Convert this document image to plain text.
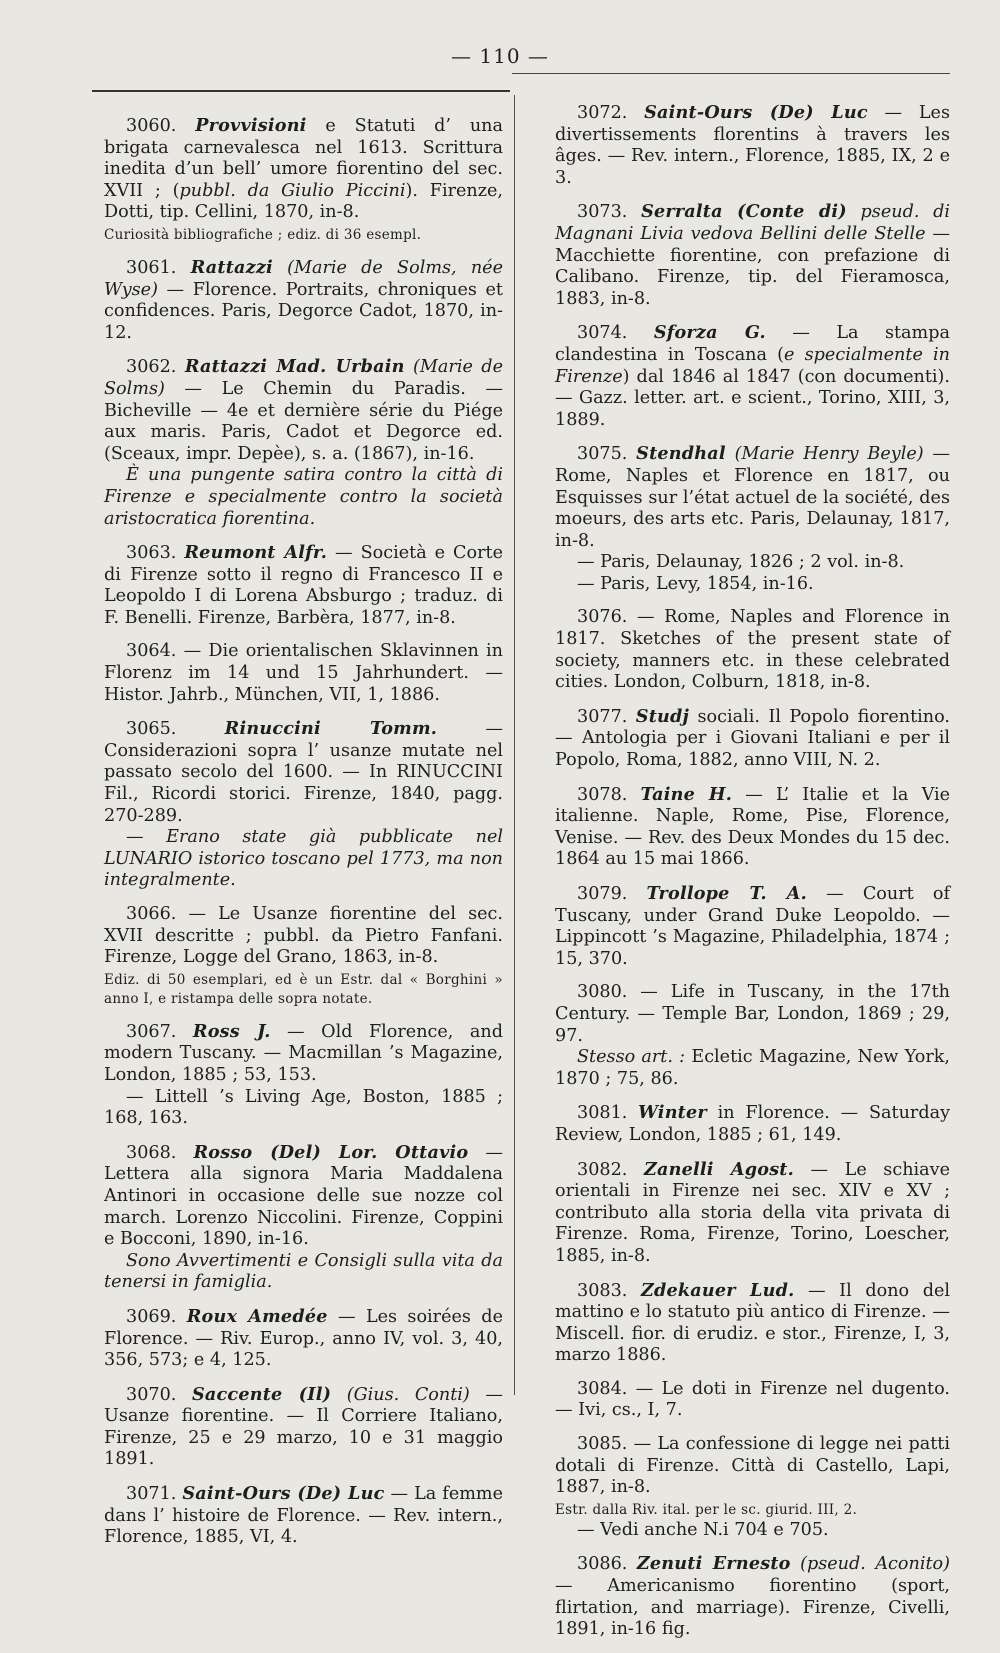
— 110 —
3060. Provvisioni e Statuti d’ una brigata carnevalesca nel 1613. Scrittura inedita d’un bell’ umore fiorentino del sec. XVII ; (pubbl. da Giulio Piccini). Firenze, Dotti, tip. Cellini, 1870, in-8.
Curiosità bibliografiche ; ediz. di 36 esempl.
3061. Rattazzi (Marie de Solms, née Wyse) — Florence. Portraits, chroniques et confidences. Paris, Degorce Cadot, 1870, in-12.
3062. Rattazzi Mad. Urbain (Marie de Solms) — Le Chemin du Paradis. — Bicheville — 4e et dernière série du Piége aux maris. Paris, Cadot et Degorce ed. (Sceaux, impr. Depèe), s. a. (1867), in-16.
È una pungente satira contro la città di Firenze e specialmente contro la società aristocratica fiorentina.
3063. Reumont Alfr. — Società e Corte di Firenze sotto il regno di Francesco II e Leopoldo I di Lorena Absburgo ; traduz. di F. Benelli. Firenze, Barbèra, 1877, in-8.
3064. — Die orientalischen Sklavinnen in Florenz im 14 und 15 Jahrhundert. — Histor. Jahrb., München, VII, 1, 1886.
3065. Rinuccini Tomm. — Considerazioni sopra l’ usanze mutate nel passato secolo del 1600. — In RINUCCINI Fil., Ricordi storici. Firenze, 1840, pagg. 270-289.
— Erano state già pubblicate nel LUNARIO istorico toscano pel 1773, ma non integralmente.
3066. — Le Usanze fiorentine del sec. XVII descritte ; pubbl. da Pietro Fanfani. Firenze, Logge del Grano, 1863, in-8.
Ediz. di 50 esemplari, ed è un Estr. dal « Borghini » anno I, e ristampa delle sopra notate.
3067. Ross J. — Old Florence, and modern Tuscany. — Macmillan ’s Magazine, London, 1885 ; 53, 153.
— Littell ’s Living Age, Boston, 1885 ; 168, 163.
3068. Rosso (Del) Lor. Ottavio — Lettera alla signora Maria Maddalena Antinori in occasione delle sue nozze col march. Lorenzo Niccolini. Firenze, Coppini e Bocconi, 1890, in-16.
Sono Avvertimenti e Consigli sulla vita da tenersi in famiglia.
3069. Roux Amedée — Les soirées de Florence. — Riv. Europ., anno IV, vol. 3, 40, 356, 573; e 4, 125.
3070. Saccente (Il) (Gius. Conti) — Usanze fiorentine. — Il Corriere Italiano, Firenze, 25 e 29 marzo, 10 e 31 maggio 1891.
3071. Saint-Ours (De) Luc — La femme dans l’ histoire de Florence. — Rev. intern., Florence, 1885, VI, 4.
3072. Saint-Ours (De) Luc — Les divertissements florentins à travers les âges. — Rev. intern., Florence, 1885, IX, 2 e 3.
3073. Serralta (Conte di) pseud. di Magnani Livia vedova Bellini delle Stelle — Macchiette fiorentine, con prefazione di Calibano. Firenze, tip. del Fieramosca, 1883, in-8.
3074. Sforza G. — La stampa clandestina in Toscana (e specialmente in Firenze) dal 1846 al 1847 (con documenti). — Gazz. letter. art. e scient., Torino, XIII, 3, 1889.
3075. Stendhal (Marie Henry Beyle) — Rome, Naples et Florence en 1817, ou Esquisses sur l’état actuel de la société, des moeurs, des arts etc. Paris, Delaunay, 1817, in-8.
— Paris, Delaunay, 1826 ; 2 vol. in-8.
— Paris, Levy, 1854, in-16.
3076. — Rome, Naples and Florence in 1817. Sketches of the present state of society, manners etc. in these celebrated cities. London, Colburn, 1818, in-8.
3077. Studj sociali. Il Popolo fiorentino. — Antologia per i Giovani Italiani e per il Popolo, Roma, 1882, anno VIII, N. 2.
3078. Taine H. — L’ Italie et la Vie italienne. Naple, Rome, Pise, Florence, Venise. — Rev. des Deux Mondes du 15 dec. 1864 au 15 mai 1866.
3079. Trollope T. A. — Court of Tuscany, under Grand Duke Leopoldo. — Lippincott ’s Magazine, Philadelphia, 1874 ; 15, 370.
3080. — Life in Tuscany, in the 17th Century. — Temple Bar, London, 1869 ; 29, 97.
Stesso art. : Ecletic Magazine, New York, 1870 ; 75, 86.
3081. Winter in Florence. — Saturday Review, London, 1885 ; 61, 149.
3082. Zanelli Agost. — Le schiave orientali in Firenze nei sec. XIV e XV ; contributo alla storia della vita privata di Firenze. Roma, Firenze, Torino, Loescher, 1885, in-8.
3083. Zdekauer Lud. — Il dono del mattino e lo statuto più antico di Firenze. — Miscell. fior. di erudiz. e stor., Firenze, I, 3, marzo 1886.
3084. — Le doti in Firenze nel dugento. — Ivi, cs., I, 7.
3085. — La confessione di legge nei patti dotali di Firenze. Città di Castello, Lapi, 1887, in-8.
Estr. dalla Riv. ital. per le sc. giurid. III, 2.
— Vedi anche N.i 704 e 705.
3086. Zenuti Ernesto (pseud. Aconito) — Americanismo fiorentino (sport, flirtation, and marriage). Firenze, Civelli, 1891, in-16 fig.
